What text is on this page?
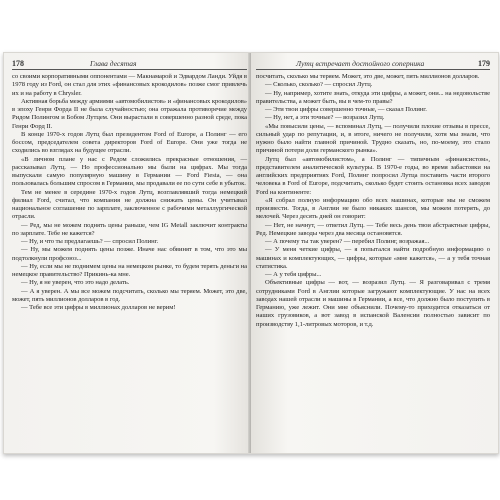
178	Глава десятая

со своими корпоративными оппонентами — Макнамарой и Эдвардом Ланди. Уйдя в 1978 году из Ford, он стал для этих «финансовых крокодилов» позже смог привлечь их и на работу в Chrysler.

Активная борьба между армиями «автомобилистов» и «финансовых крокодилов» в эпоху Генри Форда II не была случайностью; она отражала противоречие между Ридом Полингом и Бобом Лутцем. Они вырастали в совершенно разной среде, пока Генри Форд II.

В конце 1970-х годов Лутц был президентом Ford of Europe, а Полинг — его боссом, председателем совета директоров Ford of Europe. Они уже тогда не сходились во взглядах на будущее отрасли.

«В личном плане у нас с Редом сложились прекрасные отношения, — рассказывал Лутц. — Но профессионально мы были на цифрах. Мы тогда выпускали самую популярную машину в Германии — Ford Fiesta, — она пользовалась большим спросом в Германии, мы продавали ее по сути себе в убыток.

Тем не менее в середине 1970-х годов Лутц, возглавлявший тогда немецкий филиал Ford, считал, что компания не должна снижать цены. Он учитывал национальное соглашение по зарплате, заключенное с рабочими металлургической отрасли.

— Ред, мы не можем поднять цены раньше, чем IG Metall заключит контракты по зарплате. Тебе не кажется?

— Ну, и что ты предлагаешь? — спросил Полинг.

— Ну, мы можем поднять цены позже. Иначе нас обвинят в том, что это мы подтолкнули профсоюз...

— Ну, если мы не поднимем цены на немецком рынке, то будем терять деньги на немецкое правительство? Прикинь-ка мне.

— Ну, я не уверен, что это надо делать.

— А я уверен. А мы все можем подсчитать, сколько мы теряем. Может, это две, может, пять миллионов долларов в год.

— Тебе все эти цифры в миллионах долларов не верим!

Лутц встречает достойного соперника	179

посчитать, сколько мы теряем. Может, это две, может, пять миллионов долларов.

— Сколько, сколько? — спросил Лутц.

— Ну, например, хотите знать, откуда эти цифры, а может, они... на недовольстве правительства, а может быть, вы в чем-то правы?

— Эти твои цифры совершенно точные, — сказал Полинг.

— Ну, нет, а эти точные? — возразил Лутц.

«Мы повысили цены, — вспоминал Лутц, — получили плохие отзывы в прессе, сильный удар по репутации, и, в итоге, ничего не получили, хотя мы знали, что нужно было найти главной причиной. Трудно сказать, но, по-моему, это стало причиной потери доли германского рынка».

Лутц был «автомобилистом», а Полинг — типичным «финансистом», представителем аналитической культуры. В 1970-е годы, во время забастовки на английских предприятиях Ford, Полинг попросил Лутца поставить части второго человека в Ford of Europe, подсчитать, сколько будет стоить остановка всех заводов Ford на континенте:

«Я собрал полную информацию обо всех машинах, которые мы не сможем произвести. Тогда, в Англии не было никаких шансов, мы можем потерять, до мелочей. Через десять дней он говорит:

— Нет, не начнут, — ответил Лутц. — Тебе весь день твои абстрактные цифры, Ред. Немецкие заводы через два месяца остановятся.

— А почему ты так уверен? — перебил Полинг, возражая...

— У меня четкие цифры, — я попытался найти подробную информацию о машинах и комплектующих, — цифры, которые «мне кажется», — а у тебя точная статистика.

— А у тебя цифры...

Объективные цифры — вот, — возразил Лутц. — Я разговаривал с тремя сотрудниками Ford в Англии которые загружают комплектующие. У нас на всех заводах нашей отрасли и машины в Германии, а все, что должно было поступить в Германию, уже лежит. Они мне объяснили. Почему-то приходится отказаться от наших грузовиков, а вот завод в испанской Валенсии полностью зависит по производству 1,1-литровых моторов, и т.д.
